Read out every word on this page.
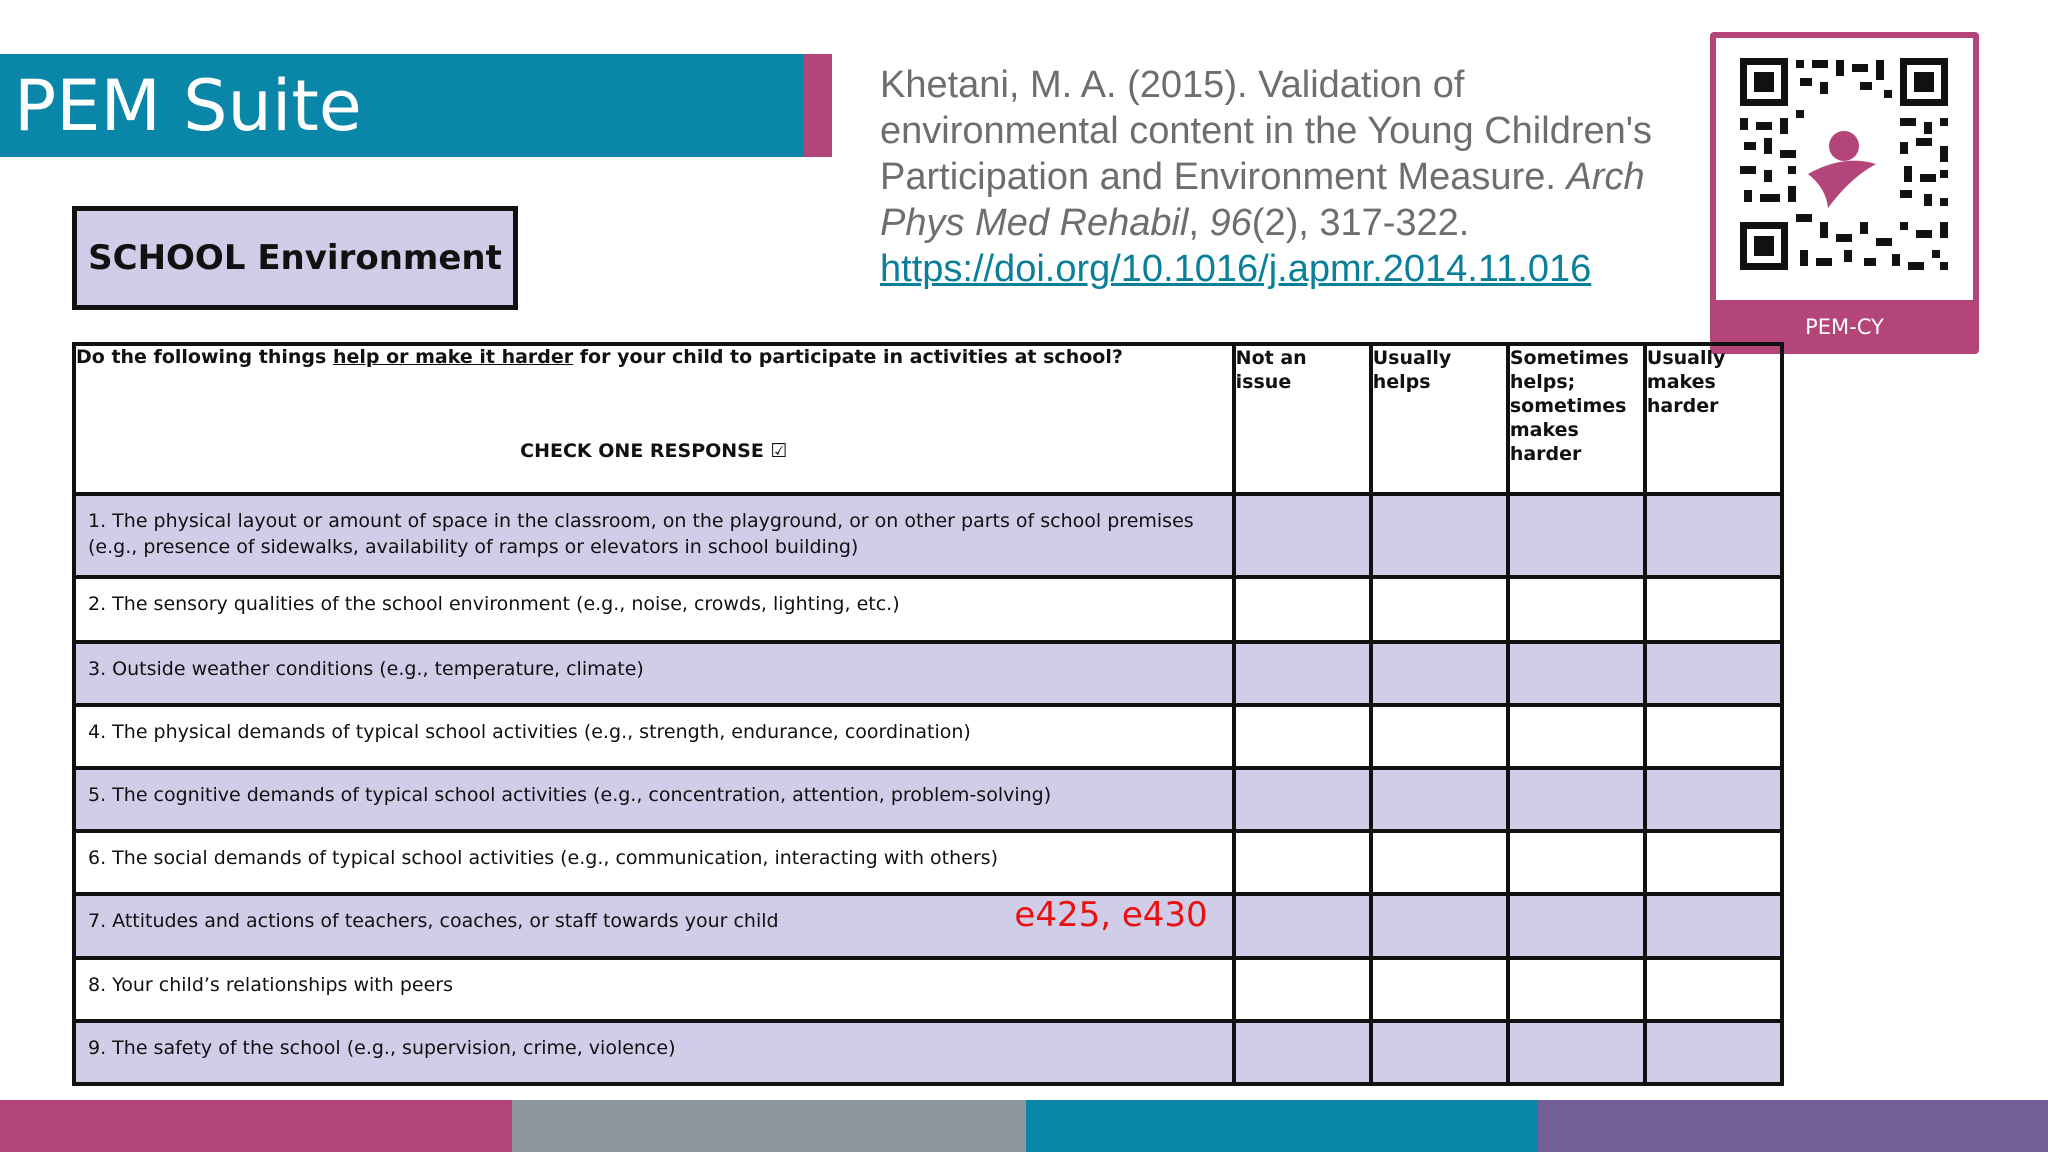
PEM Suite
SCHOOL Environment
Khetani, M. A. (2015). Validation of environmental content in the Young Children's Participation and Environment Measure. Arch Phys Med Rehabil, 96(2), 317-322.
https://doi.org/10.1016/j.apmr.2014.11.016
PEM-CY
Do the following things help or make it harder for your child to participate in activities at school?
CHECK ONE RESPONSE ☑	Not an issue	Usually helps	Sometimes helps; sometimes makes harder	Usually makes harder
1. The physical layout or amount of space in the classroom, on the playground, or on other parts of school premises (e.g., presence of sidewalks, availability of ramps or elevators in school building)				
2. The sensory qualities of the school environment (e.g., noise, crowds, lighting, etc.)				
3. Outside weather conditions (e.g., temperature, climate)				
4. The physical demands of typical school activities (e.g., strength, endurance, coordination)				
5. The cognitive demands of typical school activities (e.g., concentration, attention, problem-solving)				
6. The social demands of typical school activities (e.g., communication, interacting with others)				
7. Attitudes and actions of teachers, coaches, or staff towards your child e425, e430				

8. Your child’s relationships with peers				
9. The safety of the school (e.g., supervision, crime, violence)				
